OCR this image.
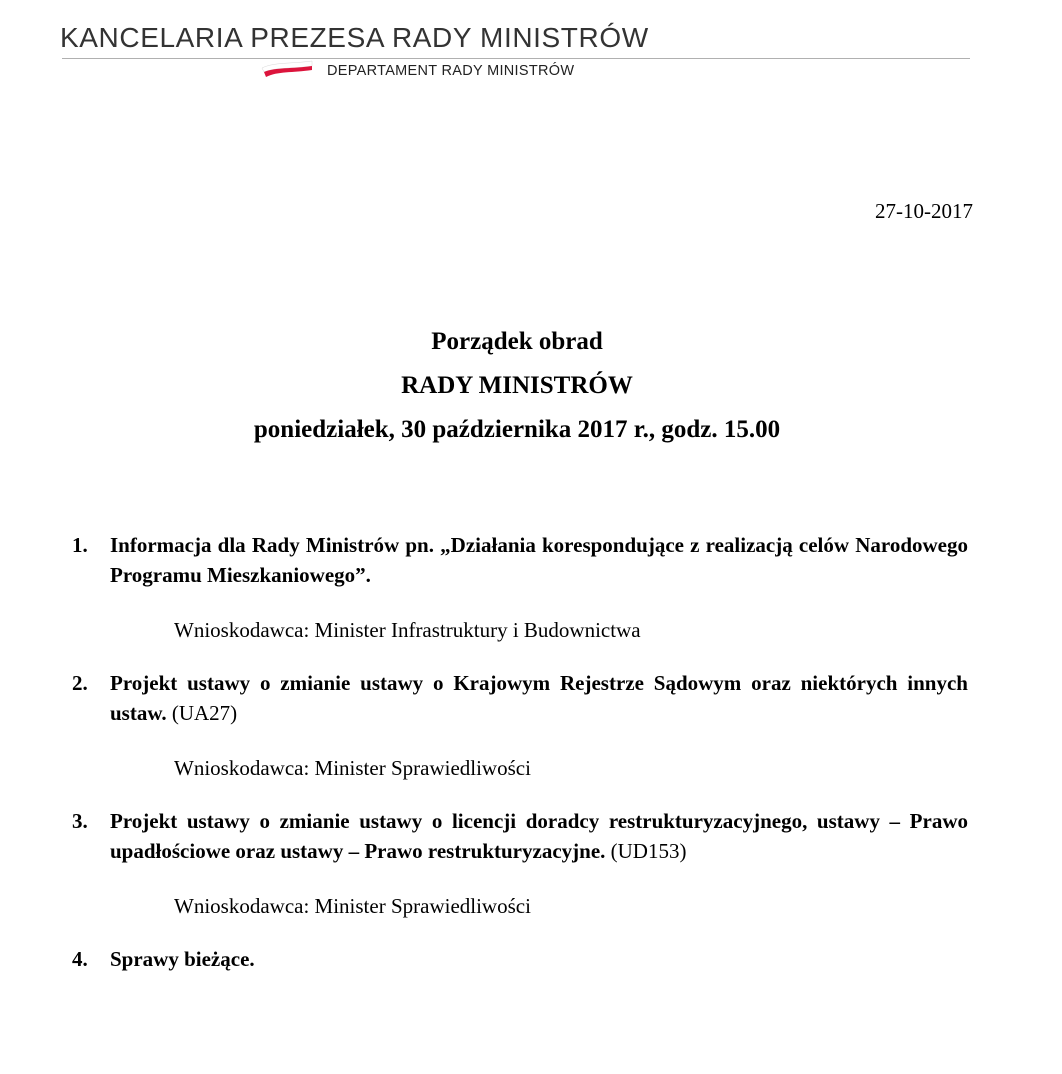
KANCELARIA PREZESA RADY MINISTRÓW
DEPARTAMENT RADY MINISTRÓW
27-10-2017
Porządek obrad
RADY MINISTRÓW
poniedziałek, 30 października 2017 r., godz. 15.00
1. Informacja dla Rady Ministrów pn. „Działania korespondujące z realizacją celów Narodowego Programu Mieszkaniowego”.
Wnioskodawca: Minister Infrastruktury i Budownictwa
2. Projekt ustawy o zmianie ustawy o Krajowym Rejestrze Sądowym oraz niektórych innych ustaw. (UA27)
Wnioskodawca: Minister Sprawiedliwości
3. Projekt ustawy o zmianie ustawy o licencji doradcy restrukturyzacyjnego, ustawy – Prawo upadłościowe oraz ustawy – Prawo restrukturyzacyjne. (UD153)
Wnioskodawca: Minister Sprawiedliwości
4. Sprawy bieżące.
